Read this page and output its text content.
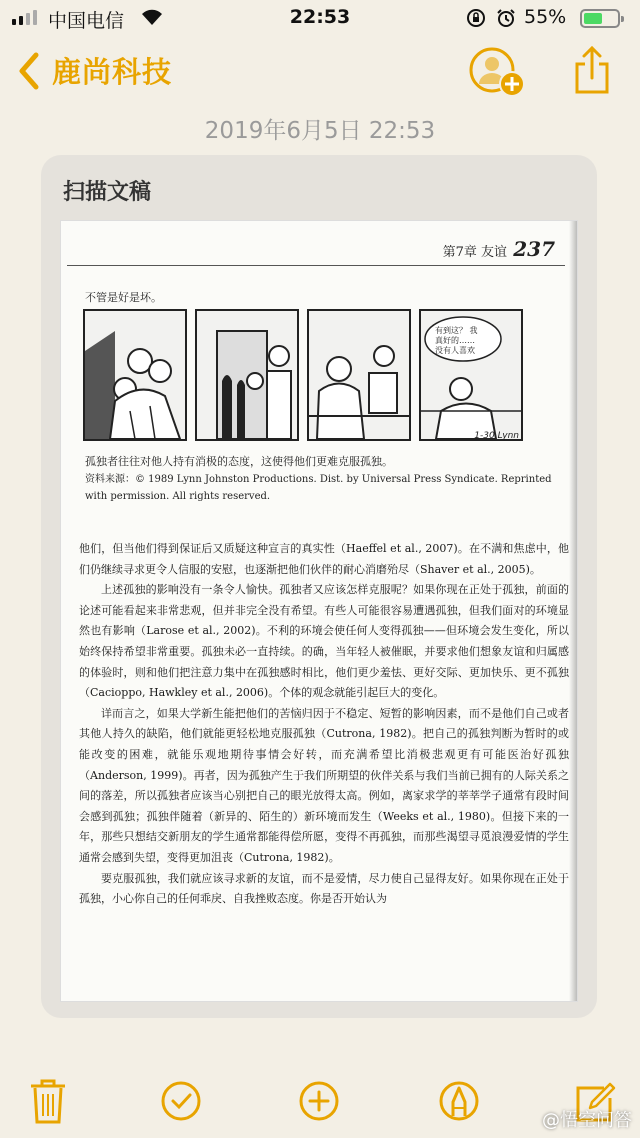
中国电信	22:53	55%
鹿尚科技
2019年6月5日 22:53
扫描文稿
第7章 友谊 237
不管是好是坏。
有到这？ 我
真好的……
没有人喜欢
1-30 Lynn
孤独者往往对他人持有消极的态度，这使得他们更难克服孤独。
资料来源：© 1989 Lynn Johnston Productions. Dist. by Universal Press Syndicate. Reprinted with permission. All rights reserved.

他们，但当他们得到保证后又质疑这种宣言的真实性（Haeffel et al., 2007)。在不满和焦虑中，他们仍继续寻求更令人信服的安慰，也逐渐把他们伙伴的耐心消磨殆尽（Shaver et al., 2005)。

上述孤独的影响没有一条令人愉快。孤独者又应该怎样克服呢？如果你现在正处于孤独，前面的论述可能看起来非常悲观，但并非完全没有希望。有些人可能很容易遭遇孤独，但我们面对的环境显然也有影响（Larose et al., 2002)。不利的环境会使任何人变得孤独——但环境会发生变化，所以始终保持希望非常重要。孤独未必一直持续。的确，当年轻人被催眠，并要求他们想象友谊和归属感的体验时，则和他们把注意力集中在孤独感时相比，他们更少羞怯、更好交际、更加快乐、更不孤独（Cacioppo, Hawkley et al., 2006)。个体的观念就能引起巨大的变化。

详而言之，如果大学新生能把他们的苦恼归因于不稳定、短暂的影响因素，而不是他们自己或者其他人持久的缺陷，他们就能更轻松地克服孤独（Cutrona, 1982)。把自己的孤独判断为暂时的或能改变的困难，就能乐观地期待事情会好转，而充满希望比消极悲观更有可能医治好孤独（Anderson, 1999)。再者，因为孤独产生于我们所期望的伙伴关系与我们当前已拥有的人际关系之间的落差，所以孤独者应该当心别把自己的眼光放得太高。例如，离家求学的莘莘学子通常有段时间会感到孤独；孤独伴随着（新异的、陌生的）新环境而发生（Weeks et al., 1980)。但接下来的一年，那些只想结交新朋友的学生通常都能得偿所愿，变得不再孤独，而那些渴望寻觅浪漫爱情的学生通常会感到失望，变得更加沮丧（Cutrona, 1982)。

要克服孤独，我们就应该寻求新的友谊，而不是爱情，尽力使自己显得友好。如果你现在正处于孤独，小心你自己的任何乖戾、自我挫败态度。你是否开始认为

@悟空问答
